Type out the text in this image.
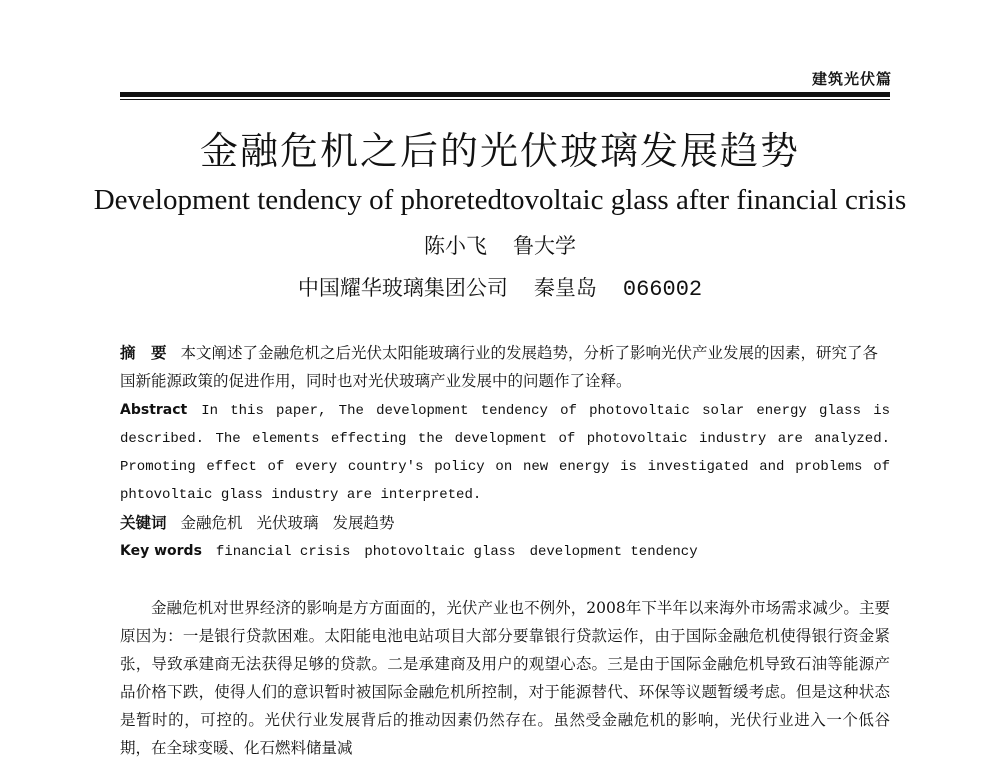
建筑光伏篇
金融危机之后的光伏玻璃发展趋势
Development tendency of phoretedtovoltaic glass after financial crisis
陈小飞 鲁大学
中国耀华玻璃集团公司 秦皇岛 066002
摘　要 本文阐述了金融危机之后光伏太阳能玻璃行业的发展趋势，分析了影响光伏产业发展的因素，研究了各国新能源政策的促进作用，同时也对光伏玻璃产业发展中的问题作了诠释。
Abstract In this paper, The development tendency of photovoltaic solar energy glass is described. The elements effecting the development of photovoltaic industry are analyzed. Promoting effect of every country's policy on new energy is investigated and problems of phtovoltaic glass industry are interpreted.
关键词 金融危机 光伏玻璃 发展趋势
Key words financial crisis photovoltaic glass development tendency
金融危机对世界经济的影响是方方面面的，光伏产业也不例外，2008年下半年以来海外市场需求减少。主要原因为：一是银行贷款困难。太阳能电池电站项目大部分要靠银行贷款运作，由于国际金融危机使得银行资金紧张，导致承建商无法获得足够的贷款。二是承建商及用户的观望心态。三是由于国际金融危机导致石油等能源产品价格下跌，使得人们的意识暂时被国际金融危机所控制，对于能源替代、环保等议题暂缓考虑。但是这种状态是暂时的，可控的。光伏行业发展背后的推动因素仍然存在。虽然受金融危机的影响，光伏行业进入一个低谷期，在全球变暖、化石燃料储量减
